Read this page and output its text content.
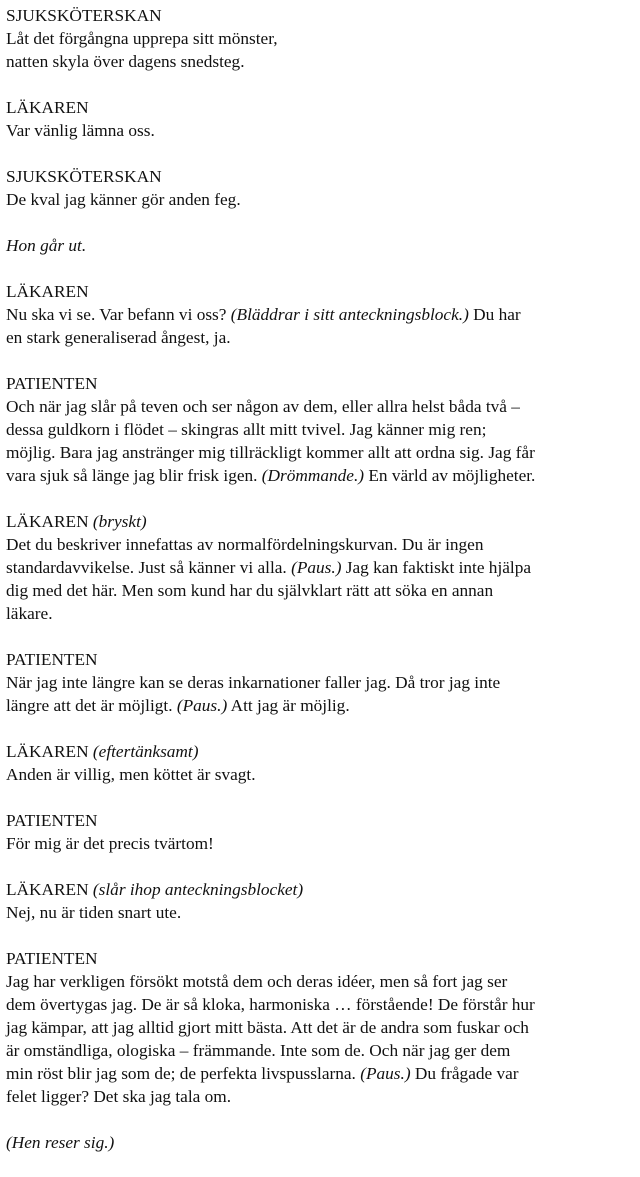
SJUKSKÖTERSKAN
Låt det förgångna upprepa sitt mönster,
natten skyla över dagens snedsteg.
LÄKAREN
Var vänlig lämna oss.
SJUKSKÖTERSKAN
De kval jag känner gör anden feg.
Hon går ut.
LÄKAREN
Nu ska vi se. Var befann vi oss? (Bläddrar i sitt anteckningsblock.) Du har
en stark generaliserad ångest, ja.
PATIENTEN
Och när jag slår på teven och ser någon av dem, eller allra helst båda två –
dessa guldkorn i flödet – skingras allt mitt tvivel. Jag känner mig ren;
möjlig. Bara jag anstränger mig tillräckligt kommer allt att ordna sig. Jag får
vara sjuk så länge jag blir frisk igen. (Drömmande.) En värld av möjligheter.
LÄKAREN (bryskt)
Det du beskriver innefattas av normalfördelningskurvan. Du är ingen
standardavvikelse. Just så känner vi alla. (Paus.) Jag kan faktiskt inte hjälpa
dig med det här. Men som kund har du självklart rätt att söka en annan
läkare.
PATIENTEN
När jag inte längre kan se deras inkarnationer faller jag. Då tror jag inte
längre att det är möjligt. (Paus.) Att jag är möjlig.
LÄKAREN (eftertänksamt)
Anden är villig, men köttet är svagt.
PATIENTEN
För mig är det precis tvärtom!
LÄKAREN (slår ihop anteckningsblocket)
Nej, nu är tiden snart ute.
PATIENTEN
Jag har verkligen försökt motstå dem och deras idéer, men så fort jag ser
dem övertygas jag. De är så kloka, harmoniska … förstående! De förstår hur
jag kämpar, att jag alltid gjort mitt bästa. Att det är de andra som fuskar och
är omständliga, ologiska – främmande. Inte som de. Och när jag ger dem
min röst blir jag som de; de perfekta livspusslarna. (Paus.) Du frågade var
felet ligger? Det ska jag tala om.
(Hen reser sig.)
